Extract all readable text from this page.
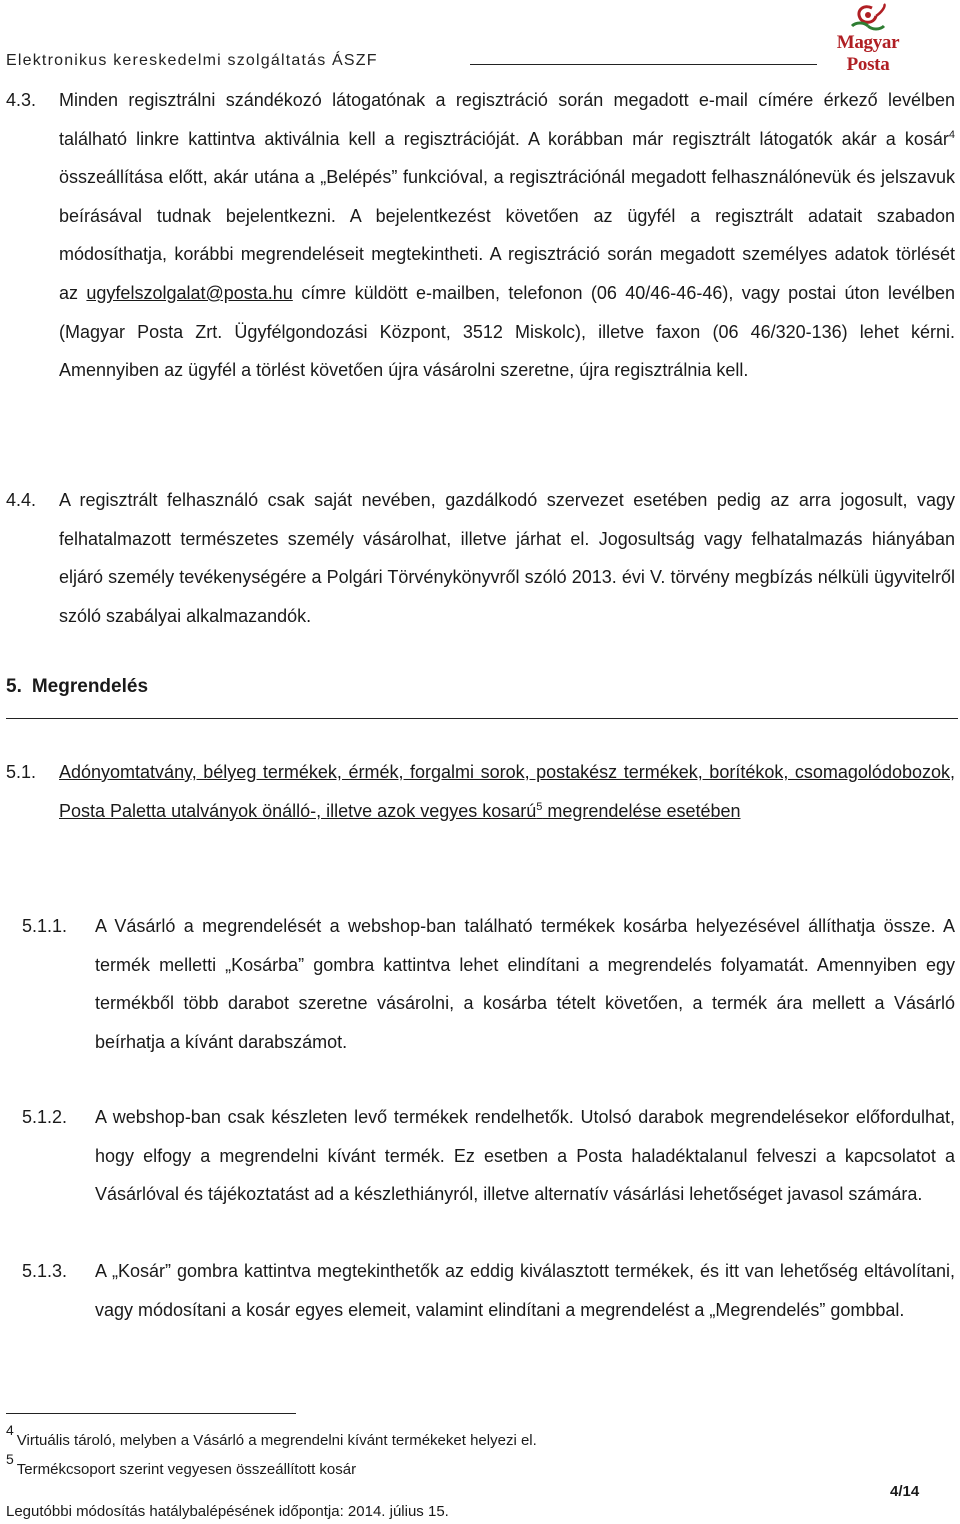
Elektronikus kereskedelmi szolgáltatás ÁSZF
Magyar Posta
4.3. Minden regisztrálni szándékozó látogatónak a regisztráció során megadott e-mail címére érkező levélben található linkre kattintva aktiválnia kell a regisztrációját. A korábban már regisztrált látogatók akár a kosár$^4$ összeállítása előtt, akár utána a „Belépés” funkcióval, a regisztrációnál megadott felhasználónevük és jelszavuk beírásával tudnak bejelentkezni. A bejelentkezést követően az ügyfél a regisztrált adatait szabadon módosíthatja, korábbi megrendeléseit megtekintheti. A regisztráció során megadott személyes adatok törlését az ugyfelszolgalat@posta.hu címre küldött e-mailben, telefonon (06 40/46-46-46), vagy postai úton levélben (Magyar Posta Zrt. Ügyfélgondozási Központ, 3512 Miskolc), illetve faxon (06 46/320-136) lehet kérni. Amennyiben az ügyfél a törlést követően újra vásárolni szeretne, újra regisztrálnia kell.
4.4. A regisztrált felhasználó csak saját nevében, gazdálkodó szervezet esetében pedig az arra jogosult, vagy felhatalmazott természetes személy vásárolhat, illetve járhat el. Jogosultság vagy felhatalmazás hiányában eljáró személy tevékenységére a Polgári Törvénykönyvről szóló 2013. évi V. törvény megbízás nélküli ügyvitelről szóló szabályai alkalmazandók.
5. Megrendelés
5.1. Adónyomtatvány, bélyeg termékek, érmék, forgalmi sorok, postakész termékek, borítékok, csomagolódobozok, Posta Paletta utalványok önálló-, illetve azok vegyes kosarú$^5$ megrendelése esetében
5.1.1. A Vásárló a megrendelését a webshop-ban található termékek kosárba helyezésével állíthatja össze. A termék melletti „Kosárba” gombra kattintva lehet elindítani a megrendelés folyamatát. Amennyiben egy termékből több darabot szeretne vásárolni, a kosárba tételt követően, a termék ára mellett a Vásárló beírhatja a kívánt darabszámot.
5.1.2. A webshop-ban csak készleten levő termékek rendelhetők. Utolsó darabok megrendelésekor előfordulhat, hogy elfogy a megrendelni kívánt termék. Ez esetben a Posta haladéktalanul felveszi a kapcsolatot a Vásárlóval és tájékoztatást ad a készlethiányról, illetve alternatív vásárlási lehetőséget javasol számára.
5.1.3. A „Kosár” gombra kattintva megtekinthetők az eddig kiválasztott termékek, és itt van lehetőség eltávolítani, vagy módosítani a kosár egyes elemeit, valamint elindítani a megrendelést a „Megrendelés” gombbal.
4Virtuális tároló, melyben a Vásárló a megrendelni kívánt termékeket helyezi el.
5Termékcsoport szerint vegyesen összeállított kosár
4/14
Legutóbbi módosítás hatálybalépésének időpontja: 2014. július 15.
